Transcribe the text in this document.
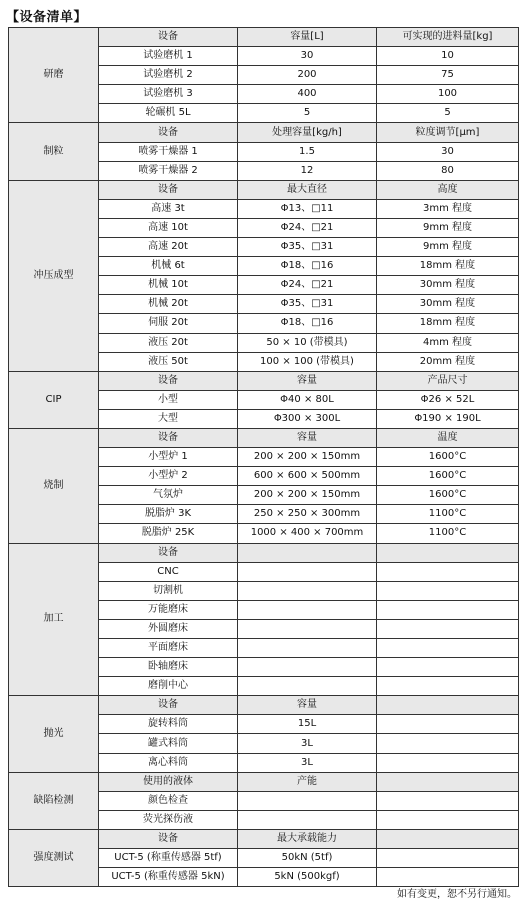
【设备清单】
研磨	设备	容量[L]	可实现的进料量[kg]
	试验磨机 1	30	10
	试验磨机 2	200	75
	试验磨机 3	400	100
	轮碾机 5L	5	5
制粒	设备	处理容量[kg/h]	粒度调节[μm]
	喷雾干燥器 1	1.5	30
	喷雾干燥器 2	12	80
冲压成型	设备	最大直径	高度
	高速 3t	Φ13、□11	3mm 程度
	高速 10t	Φ24、□21	9mm 程度
	高速 20t	Φ35、□31	9mm 程度
	机械 6t	Φ18、□16	18mm 程度
	机械 10t	Φ24、□21	30mm 程度
	机械 20t	Φ35、□31	30mm 程度
	伺服 20t	Φ18、□16	18mm 程度
	液压 20t	50 × 10 (带模具)	4mm 程度
	液压 50t	100 × 100 (带模具)	20mm 程度
CIP	设备	容量	产品尺寸
	小型	Φ40 × 80L	Φ26 × 52L
	大型	Φ300 × 300L	Φ190 × 190L
烧制	设备	容量	温度
	小型炉 1	200 × 200 × 150mm	1600°C
	小型炉 2	600 × 600 × 500mm	1600°C
	气氛炉	200 × 200 × 150mm	1600°C
	脱脂炉 3K	250 × 250 × 300mm	1100°C
	脱脂炉 25K	1000 × 400 × 700mm	1100°C
加工	设备		
	CNC		
	切割机		
	万能磨床		
	外圆磨床		
	平面磨床		
	卧轴磨床		
	磨削中心		
抛光	设备	容量	
	旋转料筒	15L	
	罐式料筒	3L	
	离心料筒	3L	
缺陷检测	使用的液体	产能	
	颜色检查		
	荧光探伤液		
强度测试	设备	最大承载能力	
	UCT-5 (称重传感器 5tf)	50kN (5tf)	
	UCT-5 (称重传感器 5kN)	5kN (500kgf)	
如有变更，恕不另行通知。
